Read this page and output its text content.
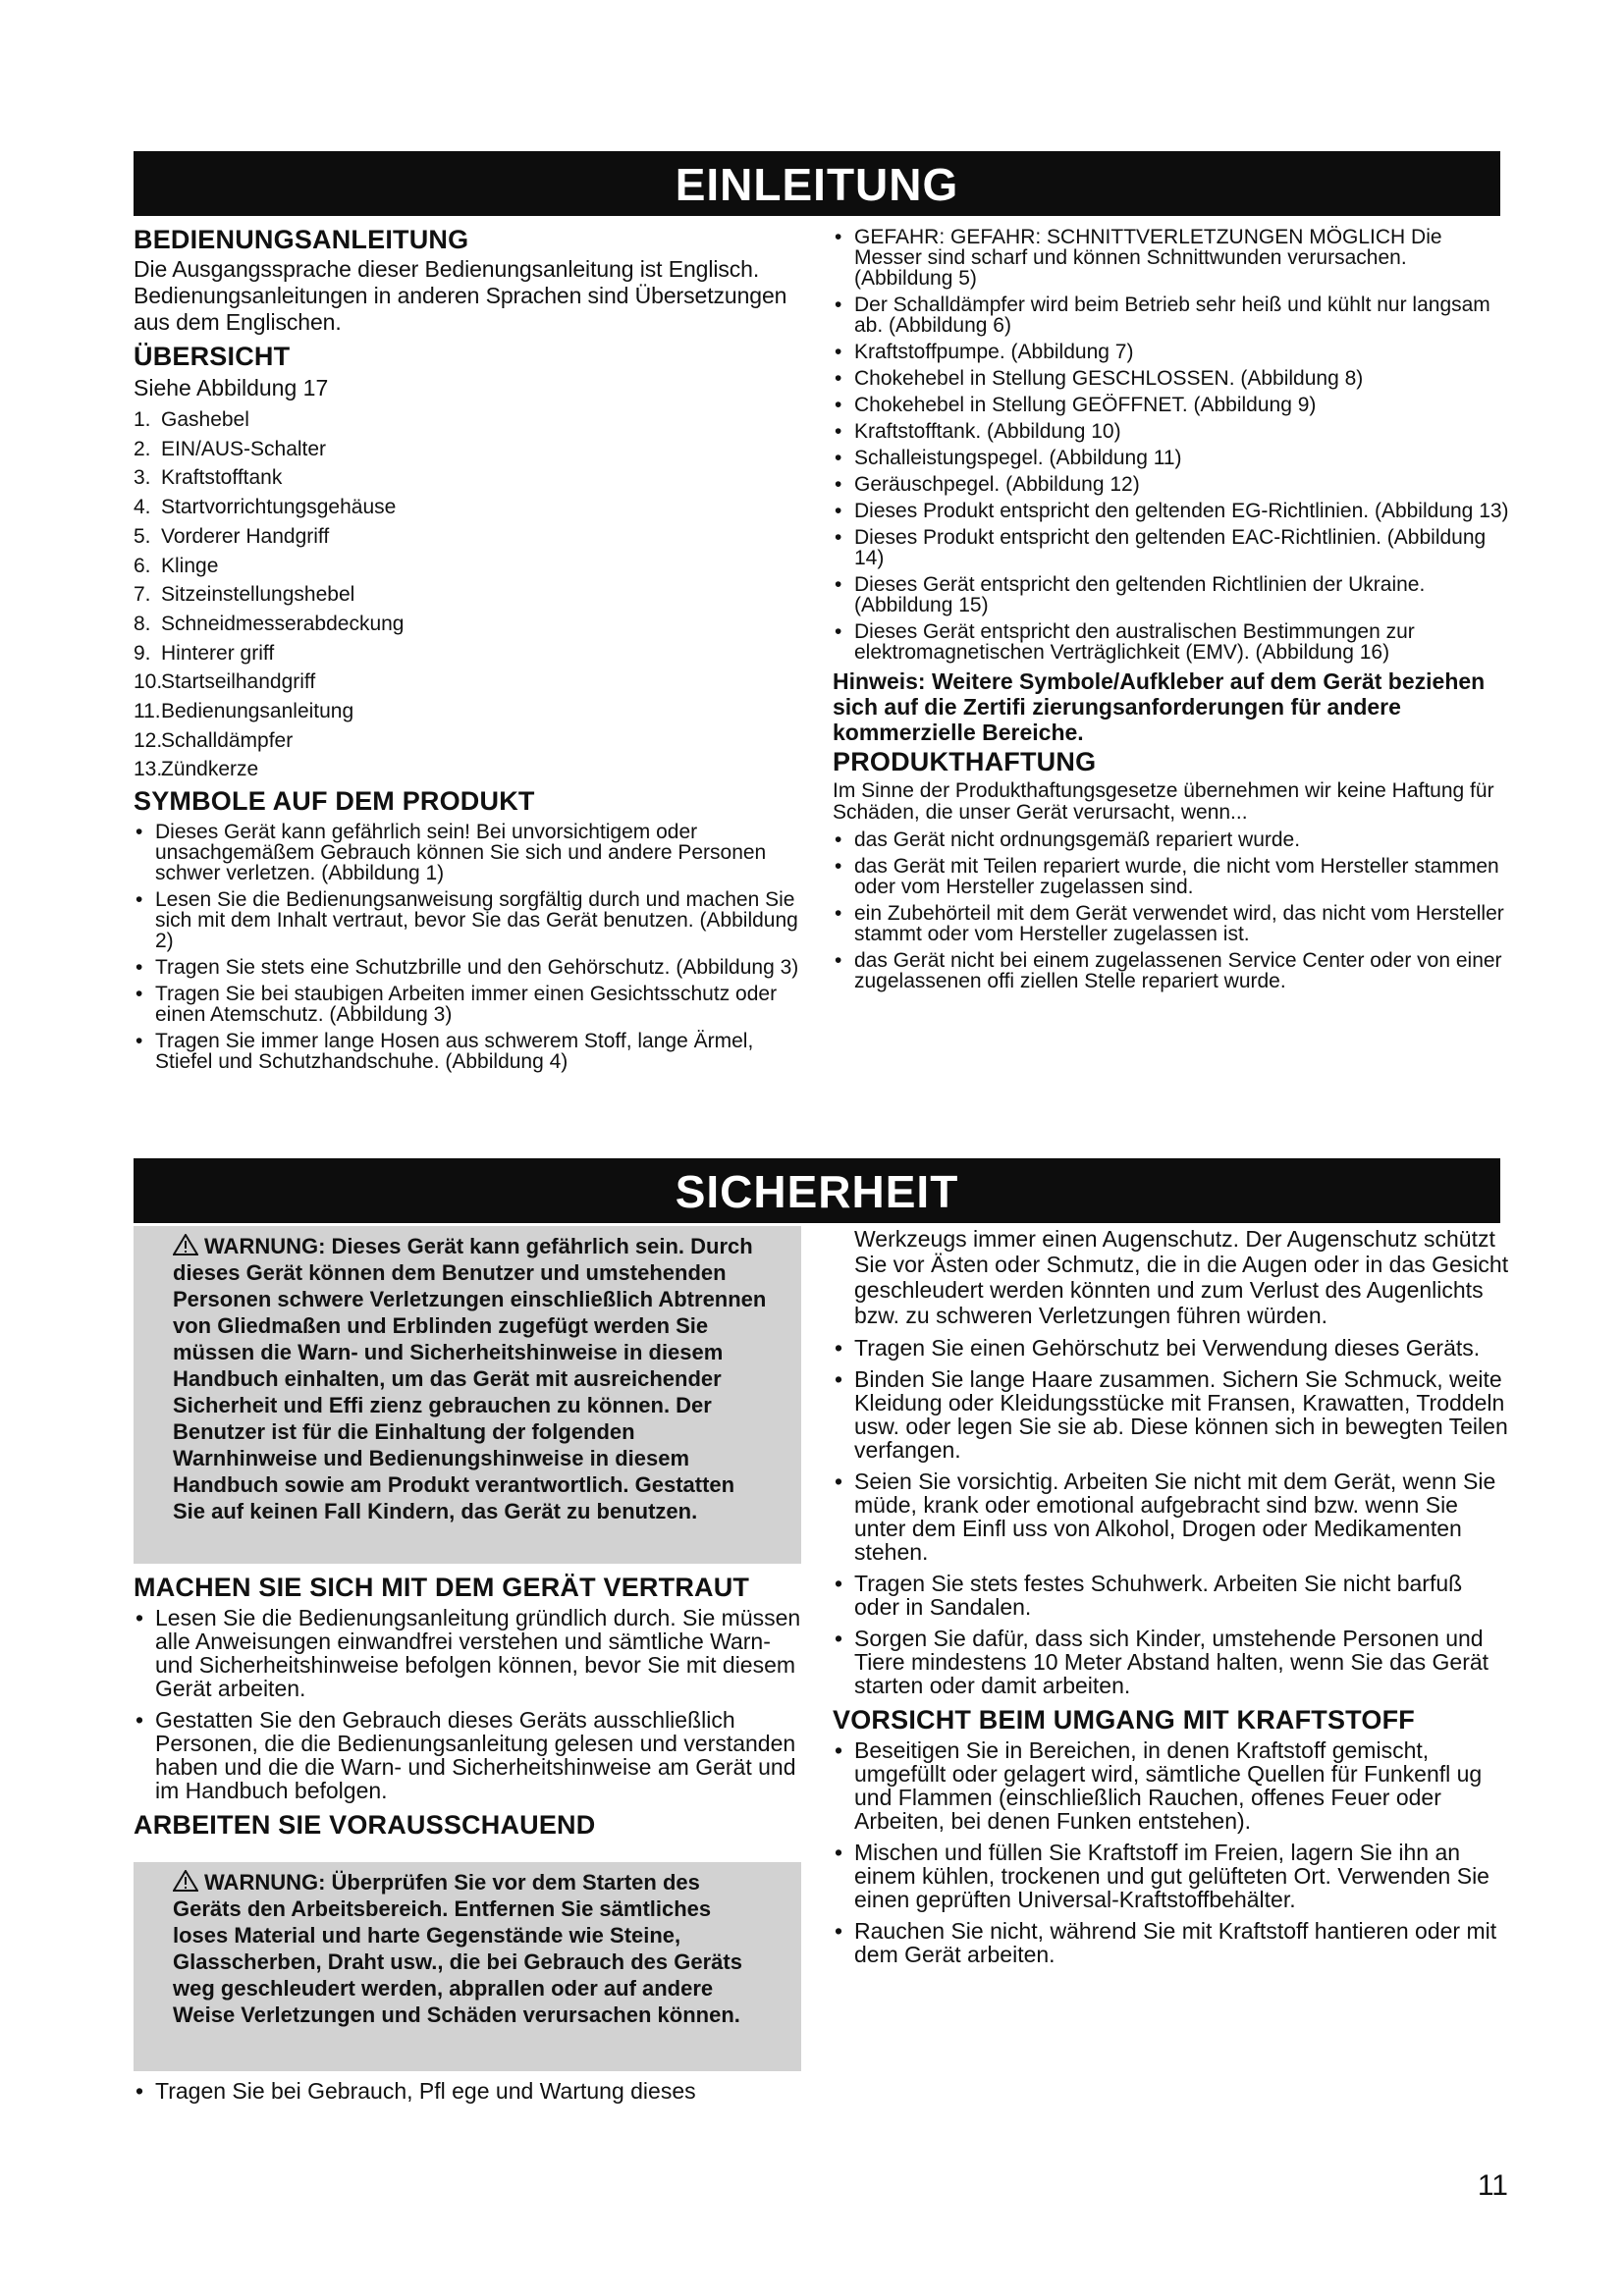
EINLEITUNG

BEDIENUNGSANLEITUNG

Die Ausgangssprache dieser Bedienungsanleitung ist Englisch. Bedienungsanleitungen in anderen Sprachen sind Übersetzungen aus dem Englischen.

ÜBERSICHT

Siehe Abbildung 17

1. Gashebel
2. EIN/AUS-Schalter
3. Kraftstofftank
4. Startvorrichtungsgehäuse
5. Vorderer Handgriff
6. Klinge
7. Sitzeinstellungshebel
8. Schneidmesserabdeckung
9. Hinterer griff
10.
Startseilhandgriff
11. Bedienungsanleitung
12.
Schalldämpfer
13.
Zündkerze

SYMBOLE AUF DEM PRODUKT

• Dieses Gerät kann gefährlich sein! Bei unvorsichtigem oder unsachgemäßem Gebrauch können Sie sich und andere Personen schwer verletzen. (Abbildung 1)
• Lesen Sie die Bedienungsanweisung sorgfältig durch und machen Sie sich mit dem Inhalt vertraut, bevor Sie das Gerät benutzen. (Abbildung 2)
• Tragen Sie stets eine Schutzbrille und den Gehörschutz. (Abbildung 3)
• Tragen Sie bei staubigen Arbeiten immer einen Gesichtsschutz oder einen Atemschutz. (Abbildung 3)
• Tragen Sie immer lange Hosen aus schwerem Stoff, lange Ärmel, Stiefel und Schutzhandschuhe. (Abbildung 4)
• GEFAHR: GEFAHR: SCHNITTVERLETZUNGEN MÖGLICH Die Messer sind scharf und können Schnittwunden verursachen. (Abbildung 5)
• Der Schalldämpfer wird beim Betrieb sehr heiß und kühlt nur langsam ab. (Abbildung 6)
• Kraftstoffpumpe. (Abbildung 7)
• Chokehebel in Stellung GESCHLOSSEN. (Abbildung 8)
• Chokehebel in Stellung GEÖFFNET. (Abbildung 9)
• Kraftstofftank. (Abbildung 10)
• Schalleistungspegel. (Abbildung 11)
• Geräuschpegel. (Abbildung 12)
• Dieses Produkt entspricht den geltenden EG-Richtlinien. (Abbildung 13)
• Dieses Produkt entspricht den geltenden EAC-Richtlinien. (Abbildung 14)
• Dieses Gerät entspricht den geltenden Richtlinien der Ukraine. (Abbildung 15)
• Dieses Gerät entspricht den australischen Bestimmungen zur elektromagnetischen Verträglichkeit (EMV). (Abbildung 16)

Hinweis: Weitere Symbole/Aufkleber auf dem Gerät beziehen sich auf die Zertifi zierungsanforderungen für andere kommerzielle Bereiche.

PRODUKTHAFTUNG

Im Sinne der Produkthaftungsgesetze übernehmen wir keine Haftung für Schäden, die unser Gerät verursacht, wenn...

• das Gerät nicht ordnungsgemäß repariert wurde.
• das Gerät mit Teilen repariert wurde, die nicht vom Hersteller stammen oder vom Hersteller zugelassen sind.
• ein Zubehörteil mit dem Gerät verwendet wird, das nicht vom Hersteller stammt oder vom Hersteller zugelassen ist.
• das Gerät nicht bei einem zugelassenen Service Center oder von einer zugelassenen offi ziellen Stelle repariert wurde.
SICHERHEIT
WARNUNG: Dieses Gerät kann gefährlich sein. Durch dieses Gerät können dem Benutzer und umstehenden Personen schwere Verletzungen einschließlich Abtrennen von Gliedmaßen und Erblinden zugefügt werden Sie müssen die Warn- und Sicherheitshinweise in diesem Handbuch einhalten, um das Gerät mit ausreichender Sicherheit und Effi zienz gebrauchen zu können. Der Benutzer ist für die Einhaltung der folgenden Warnhinweise und Bedienungshinweise in diesem Handbuch sowie am Produkt verantwortlich. Gestatten Sie auf keinen Fall Kindern, das Gerät zu benutzen.

MACHEN SIE SICH MIT DEM GERÄT VERTRAUT

• Lesen Sie die Bedienungsanleitung gründlich durch. Sie müssen alle Anweisungen einwandfrei verstehen und sämtliche Warn- und Sicherheitshinweise befolgen können, bevor Sie mit diesem Gerät arbeiten.
• Gestatten Sie den Gebrauch dieses Geräts ausschließlich Personen, die die Bedienungsanleitung gelesen und verstanden haben und die die Warn- und Sicherheitshinweise am Gerät und im Handbuch befolgen.

ARBEITEN SIE VORAUSSCHAUEND

WARNUNG: Überprüfen Sie vor dem Starten des Geräts den Arbeitsbereich. Entfernen Sie sämtliches loses Material und harte Gegenstände wie Steine, Glasscherben, Draht usw., die bei Gebrauch des Geräts weg geschleudert werden, abprallen oder auf andere Weise Verletzungen und Schäden verursachen können.
• Tragen Sie bei Gebrauch, Pfl ege und Wartung dieses

Werkzeugs immer einen Augenschutz. Der Augenschutz schützt Sie vor Ästen oder Schmutz, die in die Augen oder in das Gesicht geschleudert werden könnten und zum Verlust des Augenlichts bzw. zu schweren Verletzungen führen würden.

• Tragen Sie einen Gehörschutz bei Verwendung dieses Geräts.
• Binden Sie lange Haare zusammen. Sichern Sie Schmuck, weite Kleidung oder Kleidungsstücke mit Fransen, Krawatten, Troddeln usw. oder legen Sie sie ab. Diese können sich in bewegten Teilen verfangen.
• Seien Sie vorsichtig. Arbeiten Sie nicht mit dem Gerät, wenn Sie müde, krank oder emotional aufgebracht sind bzw. wenn Sie unter dem Einfl uss von Alkohol, Drogen oder Medikamenten stehen.
• Tragen Sie stets festes Schuhwerk. Arbeiten Sie nicht barfuß oder in Sandalen.
• Sorgen Sie dafür, dass sich Kinder, umstehende Personen und Tiere mindestens 10 Meter Abstand halten, wenn Sie das Gerät starten oder damit arbeiten.

VORSICHT BEIM UMGANG MIT KRAFTSTOFF

• Beseitigen Sie in Bereichen, in denen Kraftstoff gemischt, umgefüllt oder gelagert wird, sämtliche Quellen für Funkenfl ug und Flammen (einschließlich Rauchen, offenes Feuer oder Arbeiten, bei denen Funken entstehen).
• Mischen und füllen Sie Kraftstoff im Freien, lagern Sie ihn an einem kühlen, trockenen und gut gelüfteten Ort. Verwenden Sie einen geprüften Universal-Kraftstoffbehälter.
• Rauchen Sie nicht, während Sie mit Kraftstoff hantieren oder mit dem Gerät arbeiten.
11
